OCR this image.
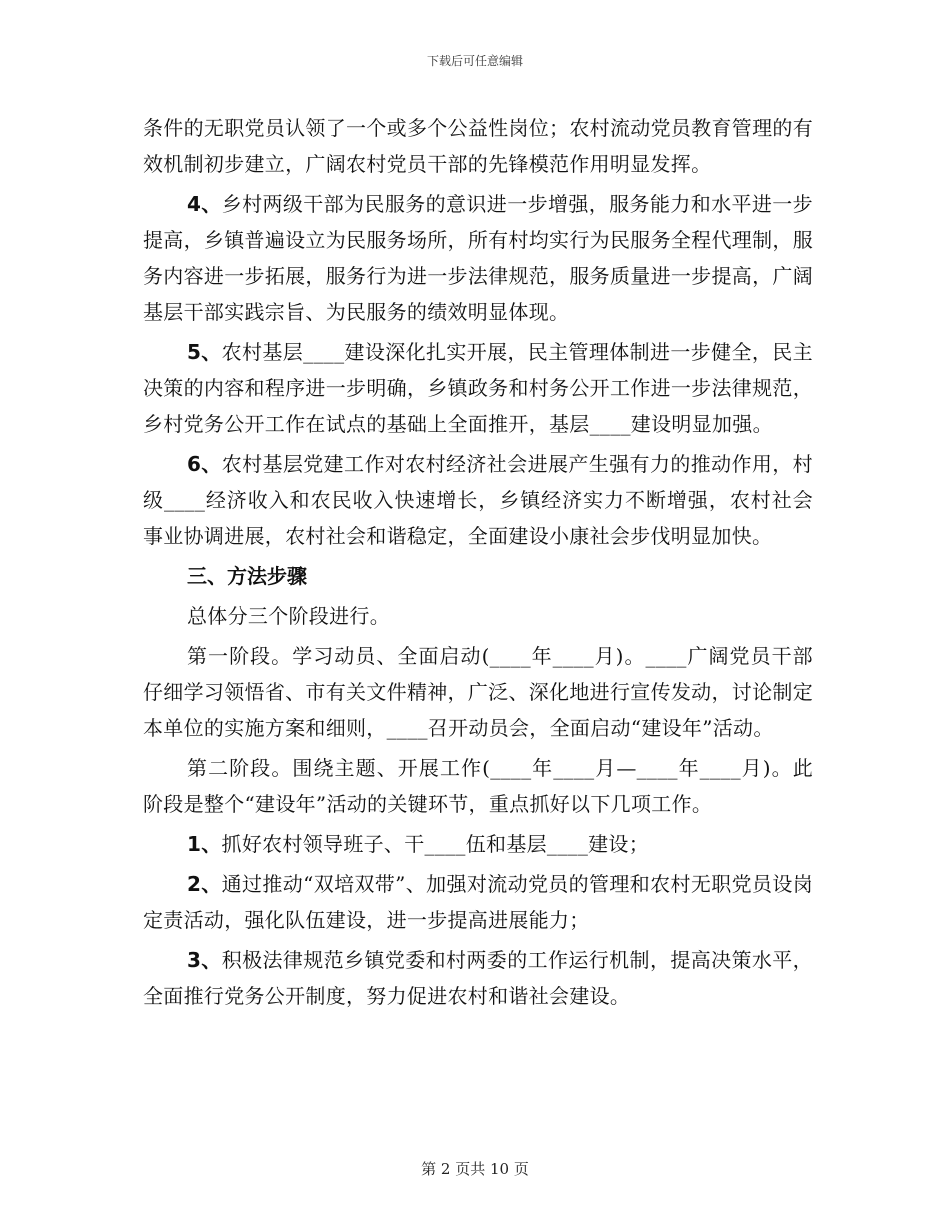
下载后可任意编辑

条件的无职党员认领了一个或多个公益性岗位；农村流动党员教育管理的有效机制初步建立，广阔农村党员干部的先锋模范作用明显发挥。

4、乡村两级干部为民服务的意识进一步增强，服务能力和水平进一步提高，乡镇普遍设立为民服务场所，所有村均实行为民服务全程代理制，服务内容进一步拓展，服务行为进一步法律规范，服务质量进一步提高，广阔基层干部实践宗旨、为民服务的绩效明显体现。

5、农村基层____建设深化扎实开展，民主管理体制进一步健全，民主决策的内容和程序进一步明确，乡镇政务和村务公开工作进一步法律规范，乡村党务公开工作在试点的基础上全面推开，基层____建设明显加强。

6、农村基层党建工作对农村经济社会进展产生强有力的推动作用，村级____经济收入和农民收入快速增长，乡镇经济实力不断增强，农村社会事业协调进展，农村社会和谐稳定，全面建设小康社会步伐明显加快。

三、方法步骤

总体分三个阶段进行。

第一阶段。学习动员、全面启动(____年____月)。____广阔党员干部仔细学习领悟省、市有关文件精神，广泛、深化地进行宣传发动，讨论制定本单位的实施方案和细则，____召开动员会，全面启动“建设年”活动。

第二阶段。围绕主题、开展工作(____年____月—____年____月)。此阶段是整个“建设年”活动的关键环节，重点抓好以下几项工作。

1、抓好农村领导班子、干____伍和基层____建设；

2、通过推动“双培双带”、加强对流动党员的管理和农村无职党员设岗定责活动，强化队伍建设，进一步提高进展能力；

3、积极法律规范乡镇党委和村两委的工作运行机制，提高决策水平，全面推行党务公开制度，努力促进农村和谐社会建设。

第 2 页共 10 页
